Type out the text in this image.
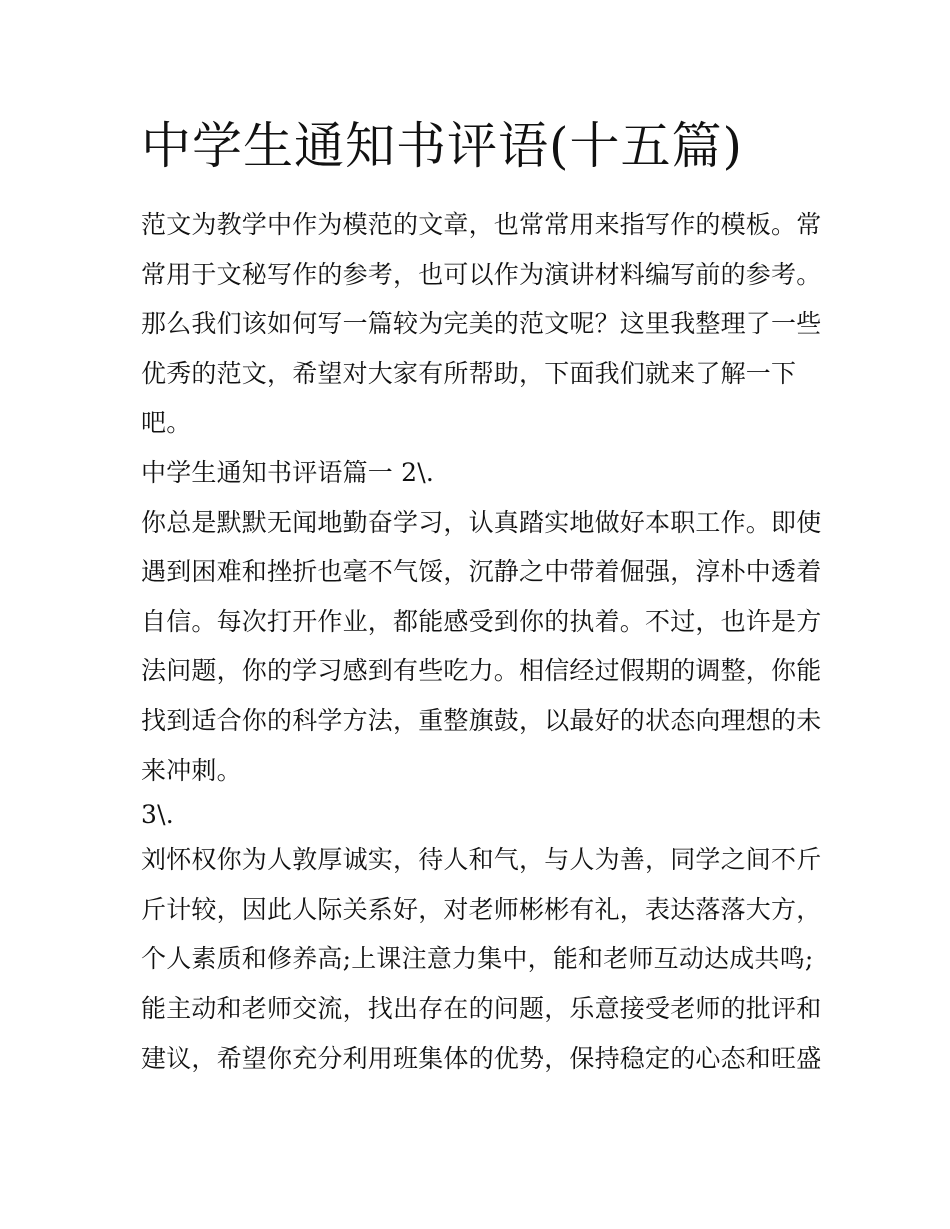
中学生通知书评语(十五篇)
范文为教学中作为模范的文章，也常常用来指写作的模板。常
常用于文秘写作的参考，也可以作为演讲材料编写前的参考。
那么我们该如何写一篇较为完美的范文呢？这里我整理了一些
优秀的范文，希望对大家有所帮助，下面我们就来了解一下
吧。
中学生通知书评语篇一 2\.
你总是默默无闻地勤奋学习，认真踏实地做好本职工作。即使
遇到困难和挫折也毫不气馁，沉静之中带着倔强，淳朴中透着
自信。每次打开作业，都能感受到你的执着。不过，也许是方
法问题，你的学习感到有些吃力。相信经过假期的调整，你能
找到适合你的科学方法，重整旗鼓，以最好的状态向理想的未
来冲刺。
3\.
刘怀权你为人敦厚诚实，待人和气，与人为善，同学之间不斤
斤计较，因此人际关系好，对老师彬彬有礼，表达落落大方，
个人素质和修养高;上课注意力集中，能和老师互动达成共鸣;
能主动和老师交流，找出存在的问题，乐意接受老师的批评和
建议，希望你充分利用班集体的优势，保持稳定的心态和旺盛
